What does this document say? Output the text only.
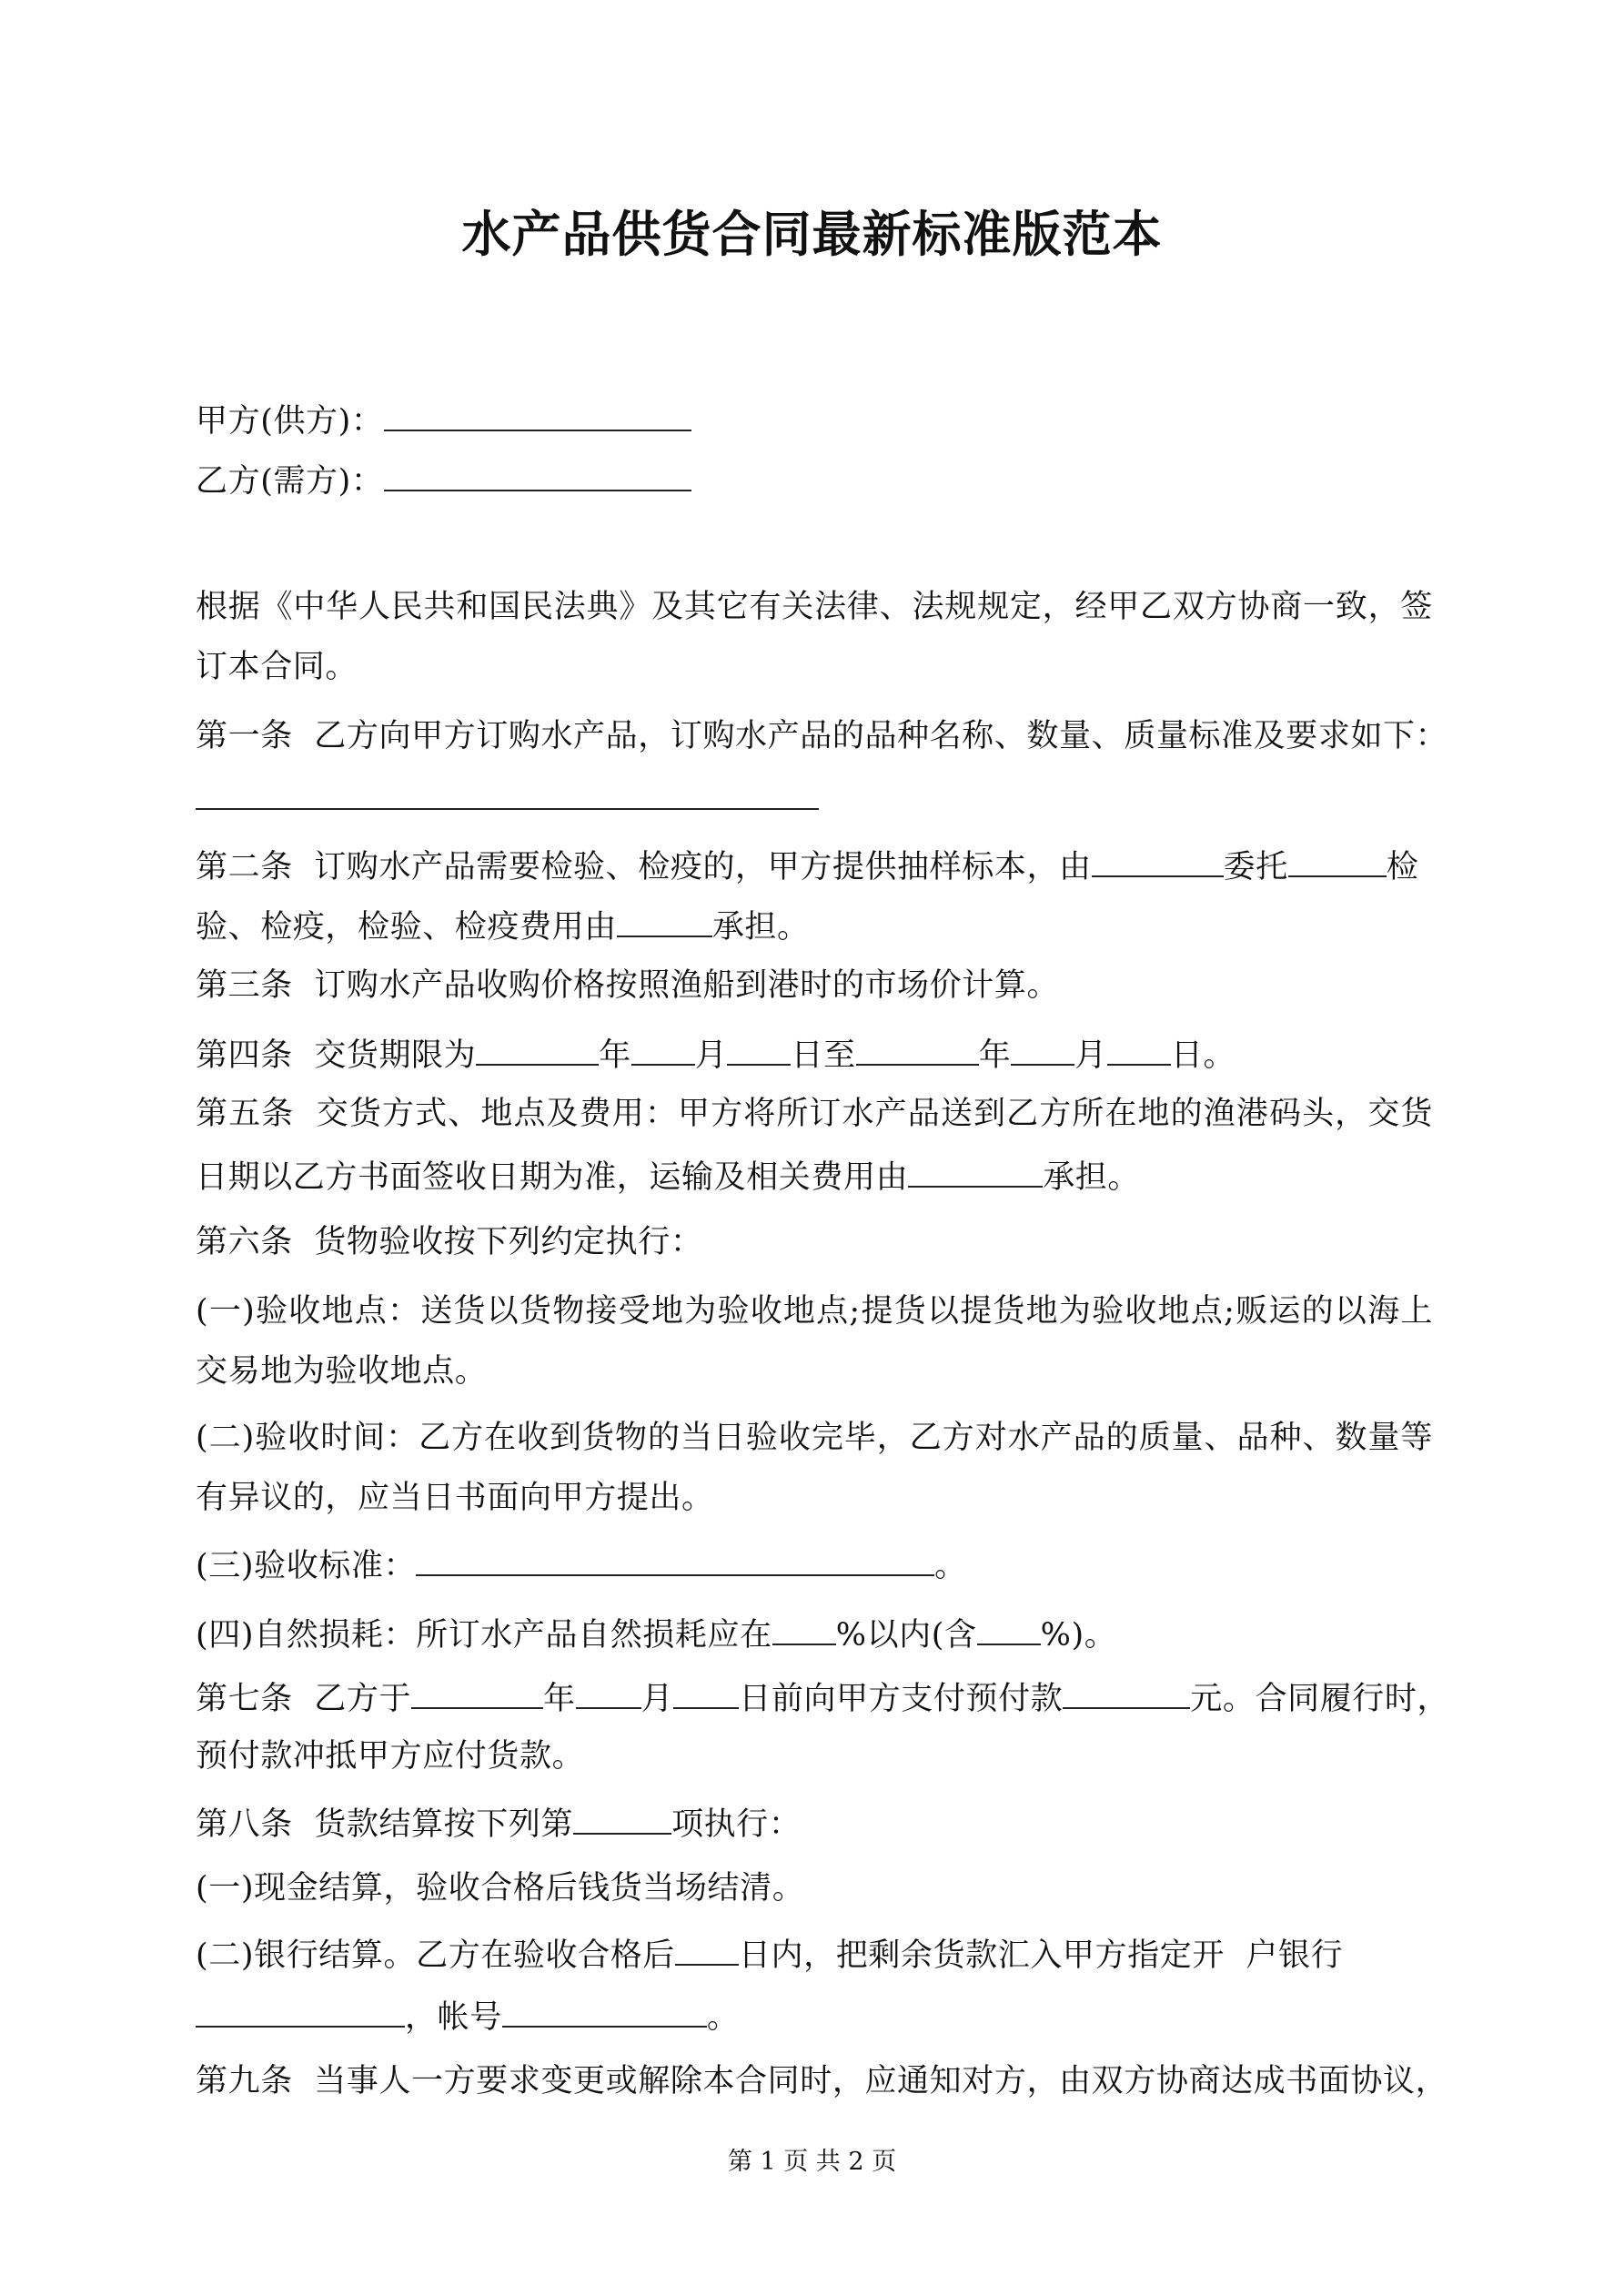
水产品供货合同最新标准版范本
甲方(供方)：
乙方(需方)：
根据《中华人民共和国民法典》及其它有关法律、法规规定，经甲乙双方协商一致，签
订本合同。
第一条  乙方向甲方订购水产品，订购水产品的品种名称、数量、质量标准及要求如下：
第二条  订购水产品需要检验、检疫的，甲方提供抽样标本，由	委托	检
验、检疫，检验、检疫费用由	承担。
第三条  订购水产品收购价格按照渔船到港时的市场价计算。
第四条  交货期限为	年 月 日至	年 月 日。
第五条  交货方式、地点及费用：甲方将所订水产品送到乙方所在地的渔港码头，交货
日期以乙方书面签收日期为准，运输及相关费用由	承担。
第六条  货物验收按下列约定执行：
(一)验收地点：送货以货物接受地为验收地点;提货以提货地为验收地点;贩运的以海上
交易地为验收地点。
(二)验收时间：乙方在收到货物的当日验收完毕，乙方对水产品的质量、品种、数量等
有异议的，应当日书面向甲方提出。
(三)验收标准：	。
(四)自然损耗：所订水产品自然损耗应在 %以内(含 %)。
第七条  乙方于	年 月 日前向甲方支付预付款	元。合同履行时，
预付款冲抵甲方应付货款。
第八条  货款结算按下列第	项执行：
(一)现金结算，验收合格后钱货当场结清。
(二)银行结算。乙方在验收合格后 日内，把剩余货款汇入甲方指定开  户银行
，帐号	。
第九条  当事人一方要求变更或解除本合同时，应通知对方，由双方协商达成书面协议，
第 1 页 共 2 页
